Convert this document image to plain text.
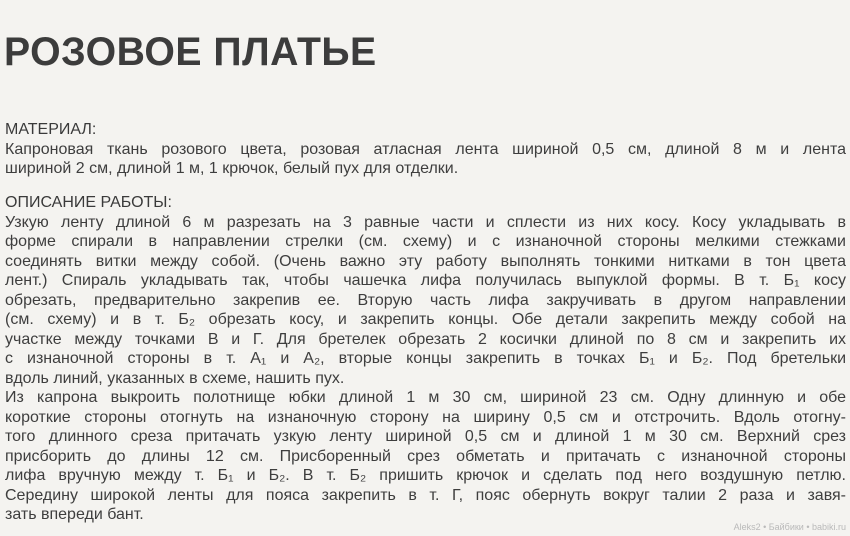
РОЗОВОЕ ПЛАТЬЕ
МАТЕРИАЛ:
Капроновая ткань розового цвета, розовая атласная лента шириной 0,5 см, длиной 8 м и лента
шириной 2 см, длиной 1 м, 1 крючок, белый пух для отделки.
ОПИСАНИЕ РАБОТЫ:
Узкую ленту длиной 6 м разрезать на 3 равные части и сплести из них косу. Косу укладывать в
форме спирали в направлении стрелки (см. схему) и с изнаночной стороны мелкими стежками
соединять витки между собой. (Очень важно эту работу выполнять тонкими нитками в тон цвета
лент.) Спираль укладывать так, чтобы чашечка лифа получилась выпуклой формы. В т. Б₁ косу
обрезать, предварительно закрепив ее. Вторую часть лифа закручивать в другом направлении
(см. схему) и в т. Б₂ обрезать косу, и закрепить концы. Обе детали закрепить между собой на
участке между точками В и Г. Для бретелек обрезать 2 косички длиной по 8 см и закрепить их
с изнаночной стороны в т. А₁ и А₂, вторые концы закрепить в точках Б₁ и Б₂. Под бретельки
вдоль линий, указанных в схеме, нашить пух.
Из капрона выкроить полотнище юбки длиной 1 м 30 см, шириной 23 см. Одну длинную и обе
короткие стороны отогнуть на изнаночную сторону на ширину 0,5 см и отстрочить. Вдоль отогну-
того длинного среза притачать узкую ленту шириной 0,5 см и длиной 1 м 30 см. Верхний срез
присборить до длины 12 см. Присборенный срез обметать и притачать с изнаночной стороны
лифа вручную между т. Б₁ и Б₂. В т. Б₂ пришить крючок и сделать под него воздушную петлю.
Середину широкой ленты для пояса закрепить в т. Г, пояс обернуть вокруг талии 2 раза и завя-
зать впереди бант.
Aleks2 • Байбики • babiki.ru
